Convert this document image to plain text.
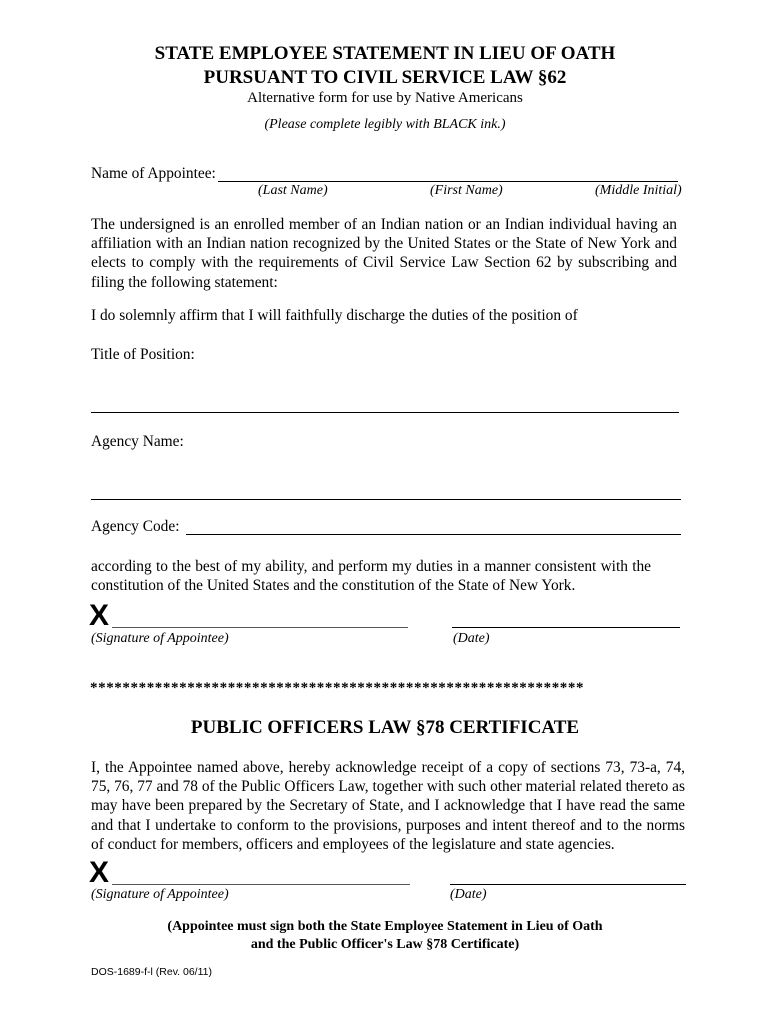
STATE EMPLOYEE STATEMENT IN LIEU OF OATH
PURSUANT TO CIVIL SERVICE LAW §62
Alternative form for use by Native Americans
(Please complete legibly with BLACK ink.)
Name of Appointee:
(Last Name)	(First Name)	(Middle Initial)
The undersigned is an enrolled member of an Indian nation or an Indian individual having an affiliation with an Indian nation recognized by the United States or the State of New York and elects to comply with the requirements of Civil Service Law Section 62 by subscribing and filing the following statement:
I do solemnly affirm that I will faithfully discharge the duties of the position of
Title of Position:
Agency Name:
Agency Code:
according to the best of my ability, and perform my duties in a manner consistent with the constitution of the United States and the constitution of the State of New York.
X
(Signature of Appointee)	(Date)
*************************************************************
PUBLIC OFFICERS LAW §78 CERTIFICATE
I, the Appointee named above, hereby acknowledge receipt of a copy of sections 73, 73-a, 74, 75, 76, 77 and 78 of the Public Officers Law, together with such other material related thereto as may have been prepared by the Secretary of State, and I acknowledge that I have read the same and that I undertake to conform to the provisions, purposes and intent thereof and to the norms of conduct for members, officers and employees of the legislature and state agencies.
X
(Signature of Appointee)	(Date)
(Appointee must sign both the State Employee Statement in Lieu of Oath
and the Public Officer's Law §78 Certificate)
DOS-1689-f-l (Rev. 06/11)
